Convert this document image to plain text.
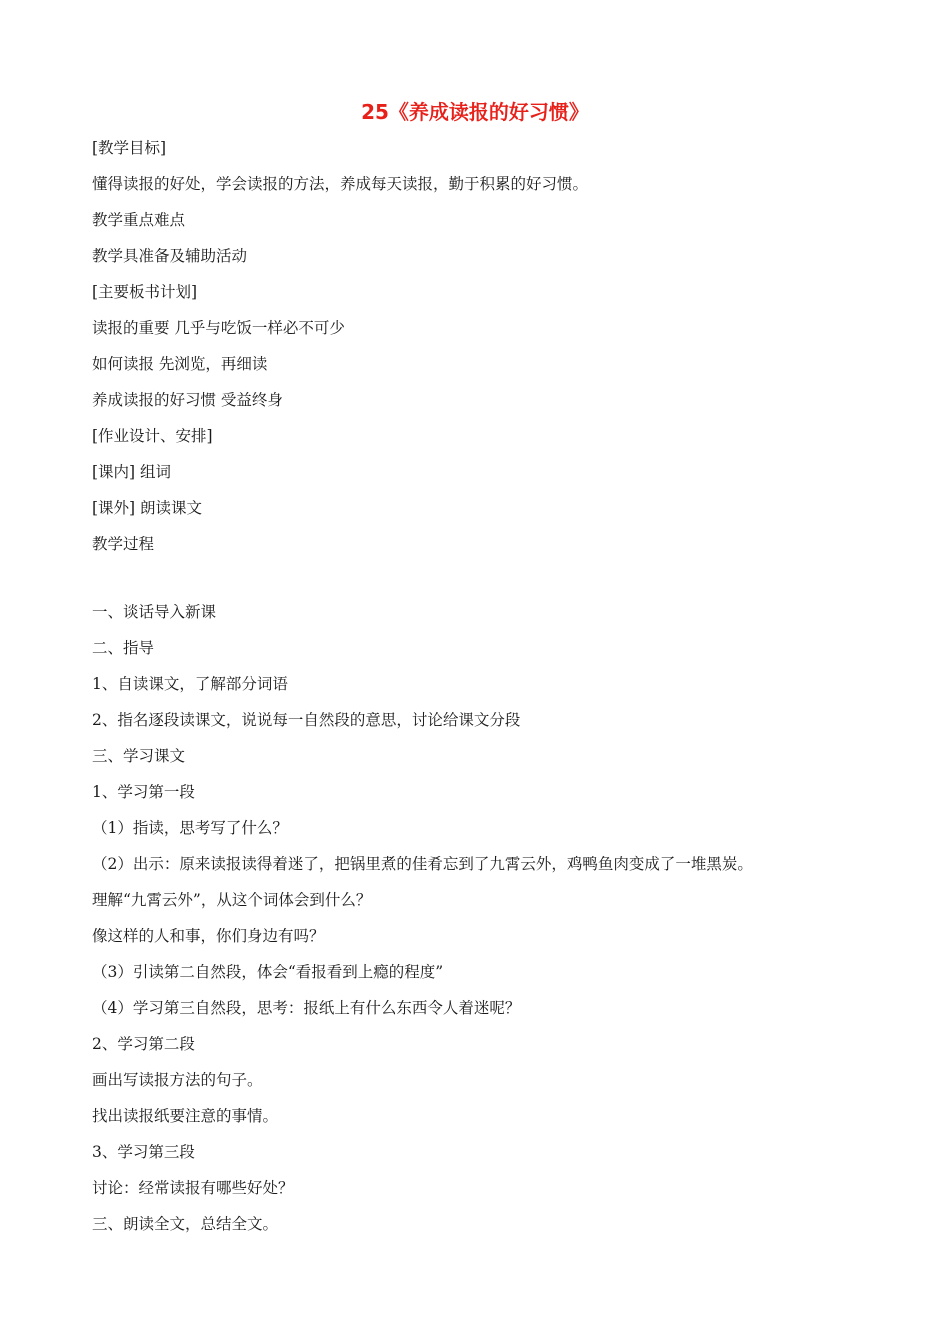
25《养成读报的好习惯》
[教学目标]
懂得读报的好处，学会读报的方法，养成每天读报，勤于积累的好习惯。
教学重点难点
教学具准备及辅助活动
[主要板书计划]
读报的重要 几乎与吃饭一样必不可少
如何读报 先浏览，再细读
养成读报的好习惯 受益终身
[作业设计、安排]
[课内] 组词
[课外] 朗读课文
教学过程
一、谈话导入新课
二、指导
1、自读课文，了解部分词语
2、指名逐段读课文，说说每一自然段的意思，讨论给课文分段
三、学习课文
1、学习第一段
（1）指读，思考写了什么？
（2）出示：原来读报读得着迷了，把锅里煮的佳肴忘到了九霄云外，鸡鸭鱼肉变成了一堆黑炭。
理解“九霄云外”，从这个词体会到什么？
像这样的人和事，你们身边有吗？
（3）引读第二自然段，体会“看报看到上瘾的程度”
（4）学习第三自然段，思考：报纸上有什么东西令人着迷呢？
2、学习第二段
画出写读报方法的句子。
找出读报纸要注意的事情。
3、学习第三段
讨论：经常读报有哪些好处？
三、朗读全文，总结全文。
